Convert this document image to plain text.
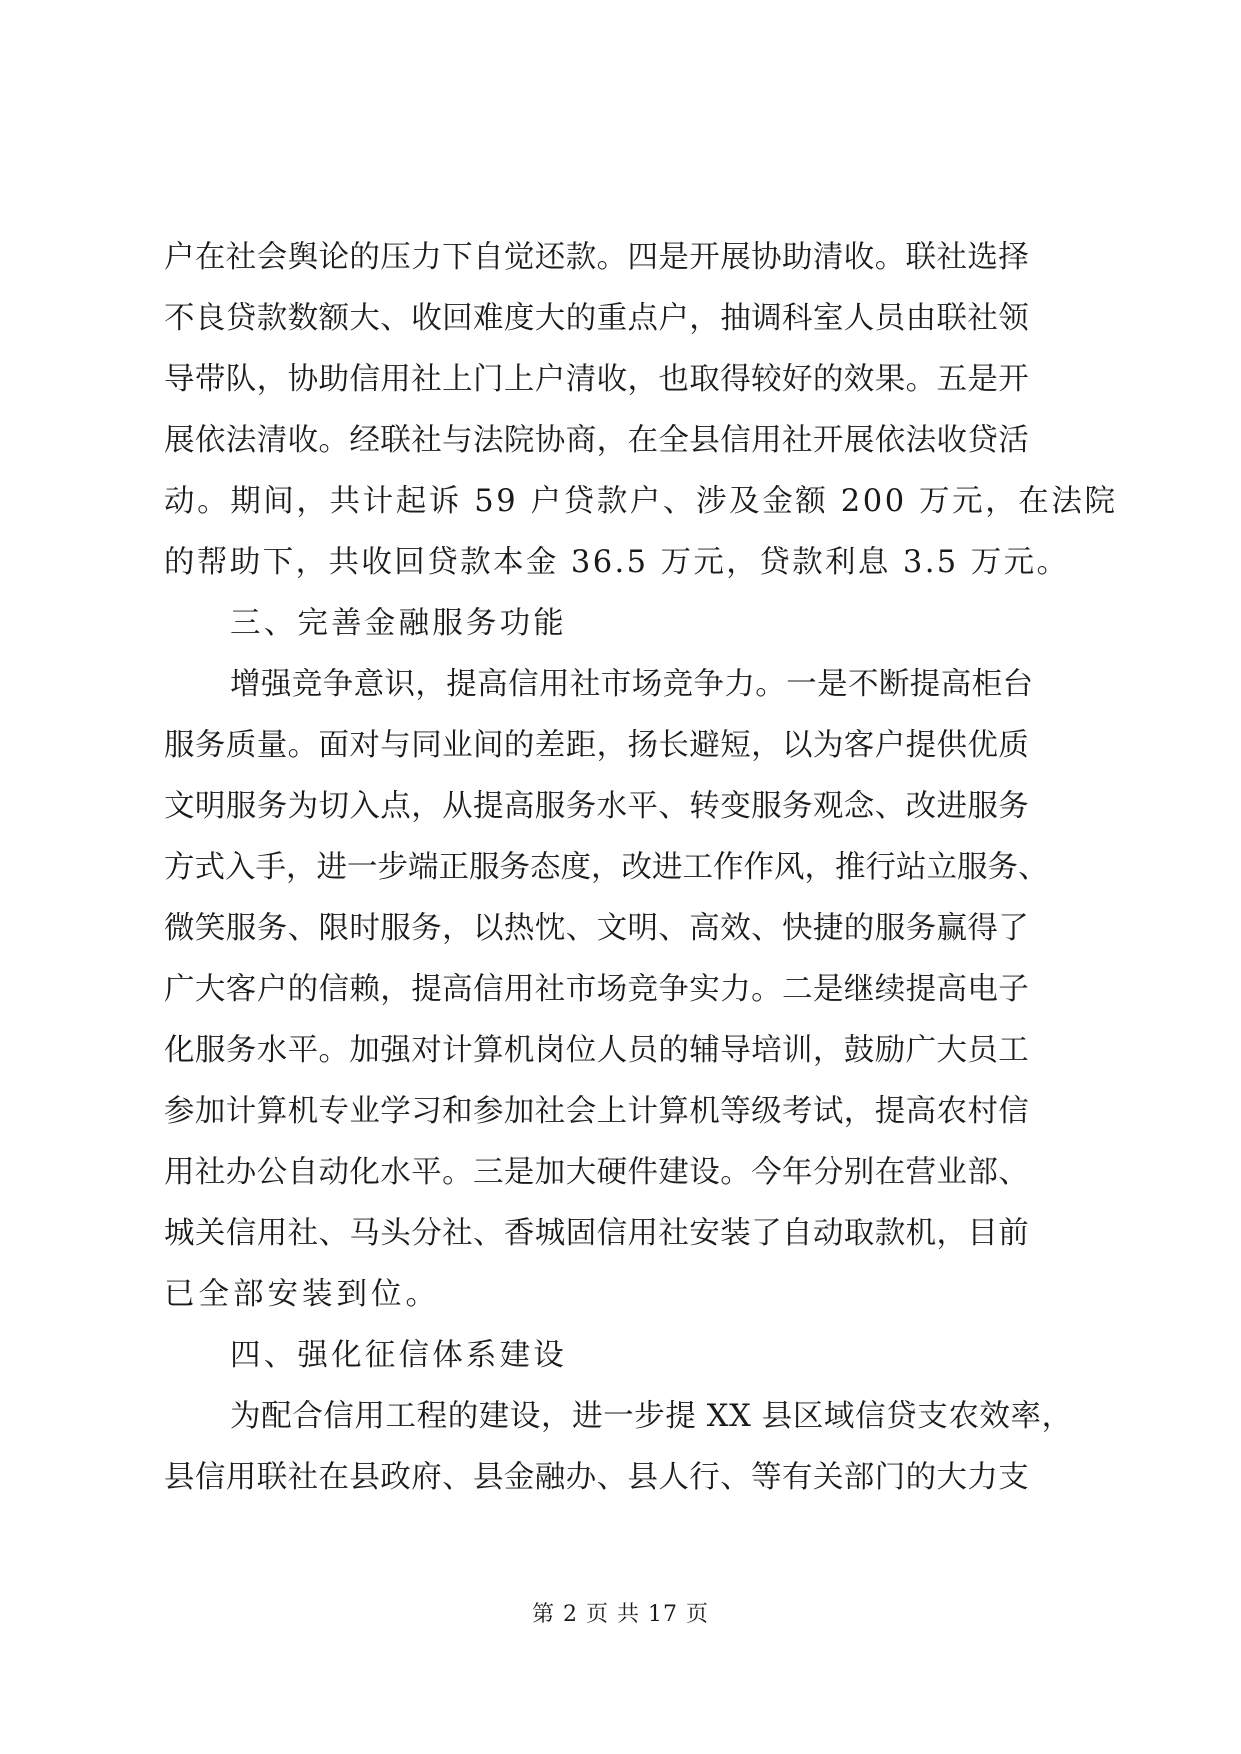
户在社会舆论的压力下自觉还款。四是开展协助清收。联社选择
不良贷款数额大、收回难度大的重点户，抽调科室人员由联社领
导带队，协助信用社上门上户清收，也取得较好的效果。五是开
展依法清收。经联社与法院协商，在全县信用社开展依法收贷活
动。期间，共计起诉 59 户贷款户、涉及金额 200 万元，在法院
的帮助下，共收回贷款本金 36.5 万元，贷款利息 3.5 万元。
三、完善金融服务功能
增强竞争意识，提高信用社市场竞争力。一是不断提高柜台
服务质量。面对与同业间的差距，扬长避短，以为客户提供优质
文明服务为切入点，从提高服务水平、转变服务观念、改进服务
方式入手，进一步端正服务态度，改进工作作风，推行站立服务、
微笑服务、限时服务，以热忱、文明、高效、快捷的服务赢得了
广大客户的信赖，提高信用社市场竞争实力。二是继续提高电子
化服务水平。加强对计算机岗位人员的辅导培训，鼓励广大员工
参加计算机专业学习和参加社会上计算机等级考试，提高农村信
用社办公自动化水平。三是加大硬件建设。今年分别在营业部、
城关信用社、马头分社、香城固信用社安装了自动取款机，目前
已全部安装到位。
四、强化征信体系建设
为配合信用工程的建设，进一步提 XX 县区域信贷支农效率，
县信用联社在县政府、县金融办、县人行、等有关部门的大力支
第 2 页 共 17 页
